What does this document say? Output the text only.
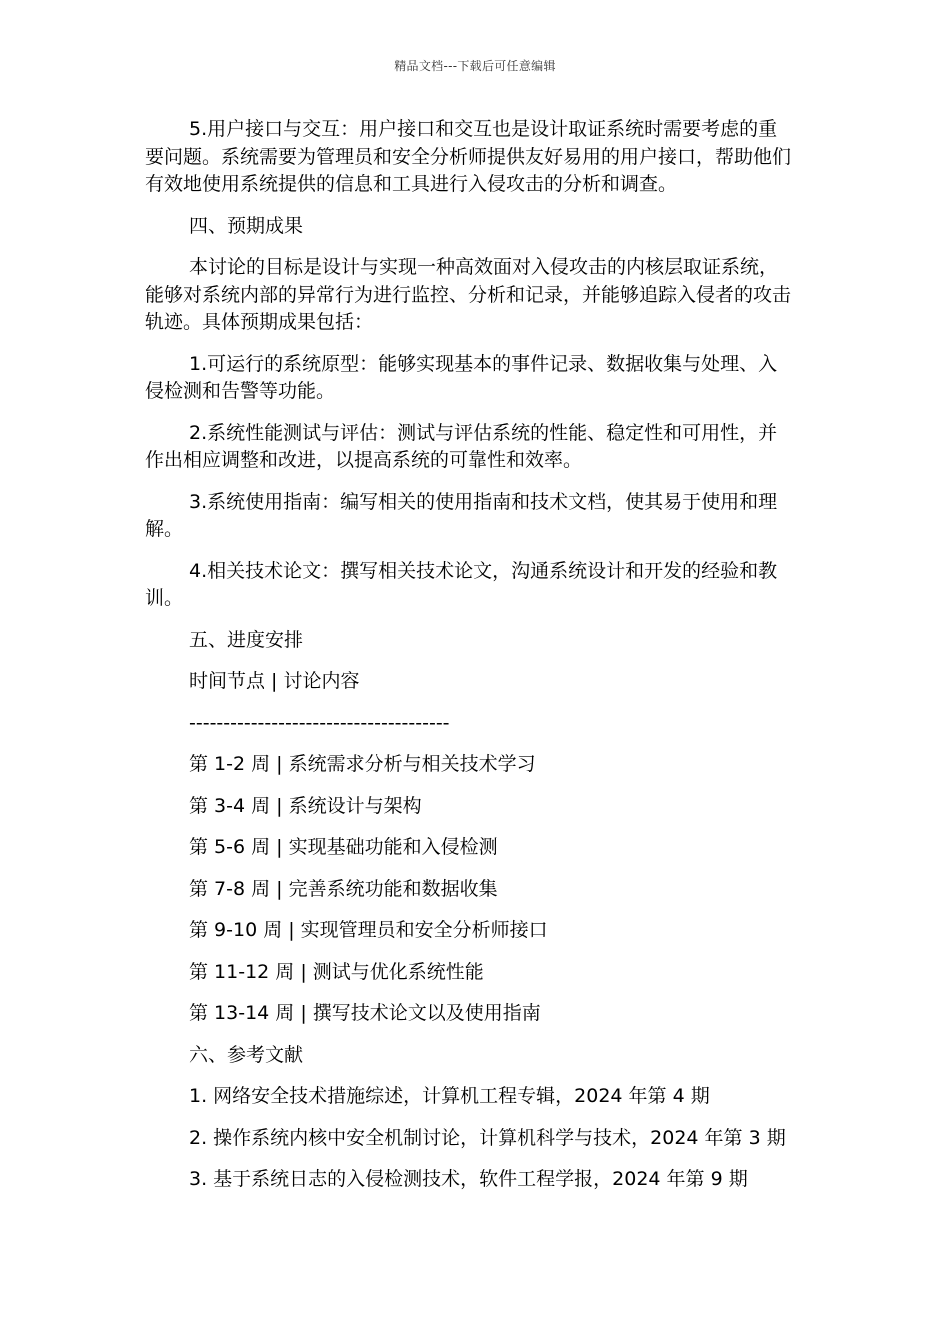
精品文档---下载后可任意编辑

5.用户接口与交互：用户接口和交互也是设计取证系统时需要考虑的重要问题。系统需要为管理员和安全分析师提供友好易用的用户接口，帮助他们有效地使用系统提供的信息和工具进行入侵攻击的分析和调查。

四、预期成果

本讨论的目标是设计与实现一种高效面对入侵攻击的内核层取证系统，能够对系统内部的异常行为进行监控、分析和记录，并能够追踪入侵者的攻击轨迹。具体预期成果包括：

1.可运行的系统原型：能够实现基本的事件记录、数据收集与处理、入侵检测和告警等功能。

2.系统性能测试与评估：测试与评估系统的性能、稳定性和可用性，并作出相应调整和改进，以提高系统的可靠性和效率。

3.系统使用指南：编写相关的使用指南和技术文档，使其易于使用和理解。

4.相关技术论文：撰写相关技术论文，沟通系统设计和开发的经验和教训。

五、进度安排

时间节点 | 讨论内容

--------------------------------------

第 1-2 周 | 系统需求分析与相关技术学习

第 3-4 周 | 系统设计与架构

第 5-6 周 | 实现基础功能和入侵检测

第 7-8 周 | 完善系统功能和数据收集

第 9-10 周 | 实现管理员和安全分析师接口

第 11-12 周 | 测试与优化系统性能

第 13-14 周 | 撰写技术论文以及使用指南

六、参考文献

1. 网络安全技术措施综述，计算机工程专辑，2024 年第 4 期

2. 操作系统内核中安全机制讨论，计算机科学与技术，2024 年第 3 期

3. 基于系统日志的入侵检测技术，软件工程学报，2024 年第 9 期
